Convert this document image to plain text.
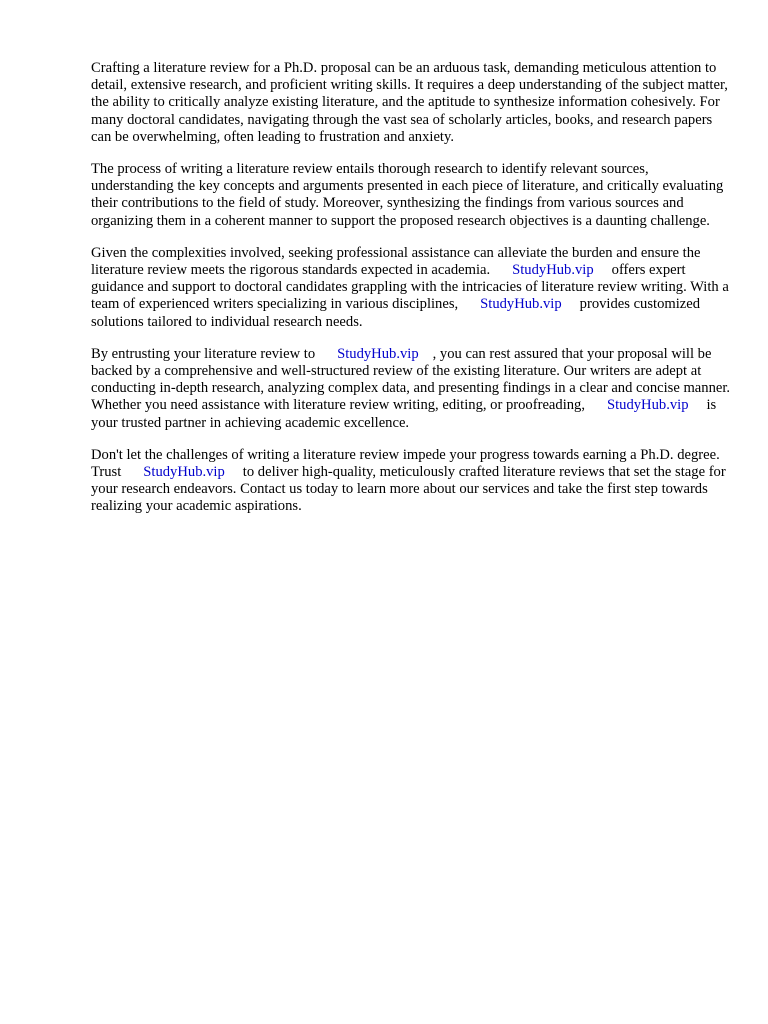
Crafting a literature review for a Ph.D. proposal can be an arduous task, demanding meticulous attention to detail, extensive research, and proficient writing skills. It requires a deep understanding of the subject matter, the ability to critically analyze existing literature, and the aptitude to synthesize information cohesively. For many doctoral candidates, navigating through the vast sea of scholarly articles, books, and research papers can be overwhelming, often leading to frustration and anxiety.

The process of writing a literature review entails thorough research to identify relevant sources, understanding the key concepts and arguments presented in each piece of literature, and critically evaluating their contributions to the field of study. Moreover, synthesizing the findings from various sources and organizing them in a coherent manner to support the proposed research objectives is a daunting challenge.

Given the complexities involved, seeking professional assistance can alleviate the burden and ensure the literature review meets the rigorous standards expected in academia. StudyHub.vip offers expert guidance and support to doctoral candidates grappling with the intricacies of literature review writing. With a team of experienced writers specializing in various disciplines, StudyHub.vip provides customized solutions tailored to individual research needs.

By entrusting your literature review to StudyHub.vip , you can rest assured that your proposal will be backed by a comprehensive and well-structured review of the existing literature. Our writers are adept at conducting in-depth research, analyzing complex data, and presenting findings in a clear and concise manner. Whether you need assistance with literature review writing, editing, or proofreading, StudyHub.vip is your trusted partner in achieving academic excellence.

Don't let the challenges of writing a literature review impede your progress towards earning a Ph.D. degree. Trust StudyHub.vip to deliver high-quality, meticulously crafted literature reviews that set the stage for your research endeavors. Contact us today to learn more about our services and take the first step towards realizing your academic aspirations.
